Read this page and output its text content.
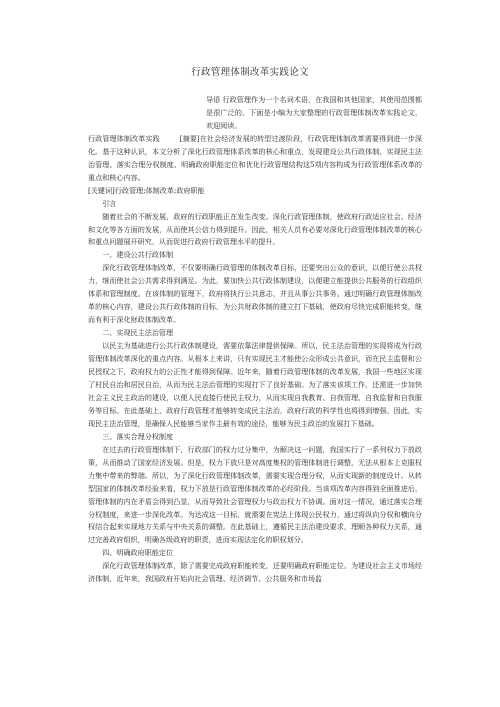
行政管理体制改革实践论文

导语 行政管理作为一个名词术语，在我国和其他国家，其使用范围都是很广泛的。下面是小编为大家整理的行政管理体制改革实践论文，欢迎阅读。

行政管理体制改革实践	[摘要]在社会经济发展的转型过渡阶段，行政管理体制改革需要得到进一步深化。基于这种认识，本文分析了深化行政管理体系改革的核心和重点，发现建设公共行政体制、实现民主法治管理、落实合理分权制度、明确政府职能定位和优化行政管理结构这5项内容构成为行政管理体系改革的重点和核心内容。

[关键词]行政管理;体制改革;政府职能

引言

随着社会的不断发展，政府的行政职能正在发生改变。深化行政管理体制，使政府行政适应社会、经济和文化等各方面的发展，从而使其公信力得到提升。因此，相关人员有必要对深化行政管理体制改革的核心和重点问题展开研究，从而促进行政府行政管理水平的提升。

一、建设公共行政体制

深化行政管理体制改革，不仅要明确行政管理的体制改革目标，还要突出公众的意识，以便行使公共权力，继而使社会公共需求得到满足。为此，要加快公共行政体制建设，以便建立能提供公共服务的行政组织体系和管理制度。在该体制的管理下，政府将执行公共意志，并且从事公共事务。通过明确行政管理体制改革的核心内容，建设公共行政体制的目标，为公共财政体制的建立打下基础，使政府尽快完成职能转变，继而有利于深化财政体制改革。

二、实现民主法治管理

以民主为基础进行公共行政体制建设，需要依靠法律提供保障。所以，民主法治管理的实现将成为行政管理体制改革深化的重点内容。从根本上来讲，只有实现民主才能使公众形成公共意识，而在民主监督和公民授权之下，政府权力的公正性才能得到保障。近年来，随着行政管理体制的改革发展，我国一些地区实现了村民自治和居民自治，从而为民主法治管理的实现打下了良好基础。为了落实该项工作，还需进一步加快社会主义民主政治的建设，以便人民直接行使民主权力，从而实现自我教育、自我管理、自我监督和自我服务等目标。在此基础上，政府行政管理才能够转变成民主法治，政府行政的科学性也将得到增强。因此，实现民主法治管理，是确保人民能够当家作主最有效的途径，能够为民主政治的发展打下基础。

三、落实合理分权制度

在过去的行政管理体制下，行政部门的权力过分集中，为解决这一问题，我国实行了一系列权力下放政策，从而推动了国家经济发展。但是，权力下放只是对高度集权的管理体制进行调整，无法从根本上克服权力集中带来的弊端。所以，为了深化行政管理体制改革，需要实现合理分权，从而实现新的制度设计。从转型国家的体制改革经验来看，权力下放是行政管理体制改革的必经阶段。当该项改革内容得到全面推进后，管理体制的内在矛盾会得到凸显，从而导致社会管理权力与政治权力不协调。面对这一情况，通过落实合理分权制度，来进一步深化改革。为达成这一目标，就需要在宪法上体现公民权力，通过将纵向分权和横向分权结合起来实现地方关系与中央关系的调整。在此基础上，遵循民主法治建设要求，理顺各种权力关系，通过完善政府组织，明确各级政府的职责，进而实现法定化的职权划分。

四、明确政府职能定位

深化行政管理体制改革，除了需要完成政府职能转变，还要明确政府职能定位。为建设社会主义市场经济体制，近年来，我国政府开始向社会管理、经济调节、公共服务和市场监
